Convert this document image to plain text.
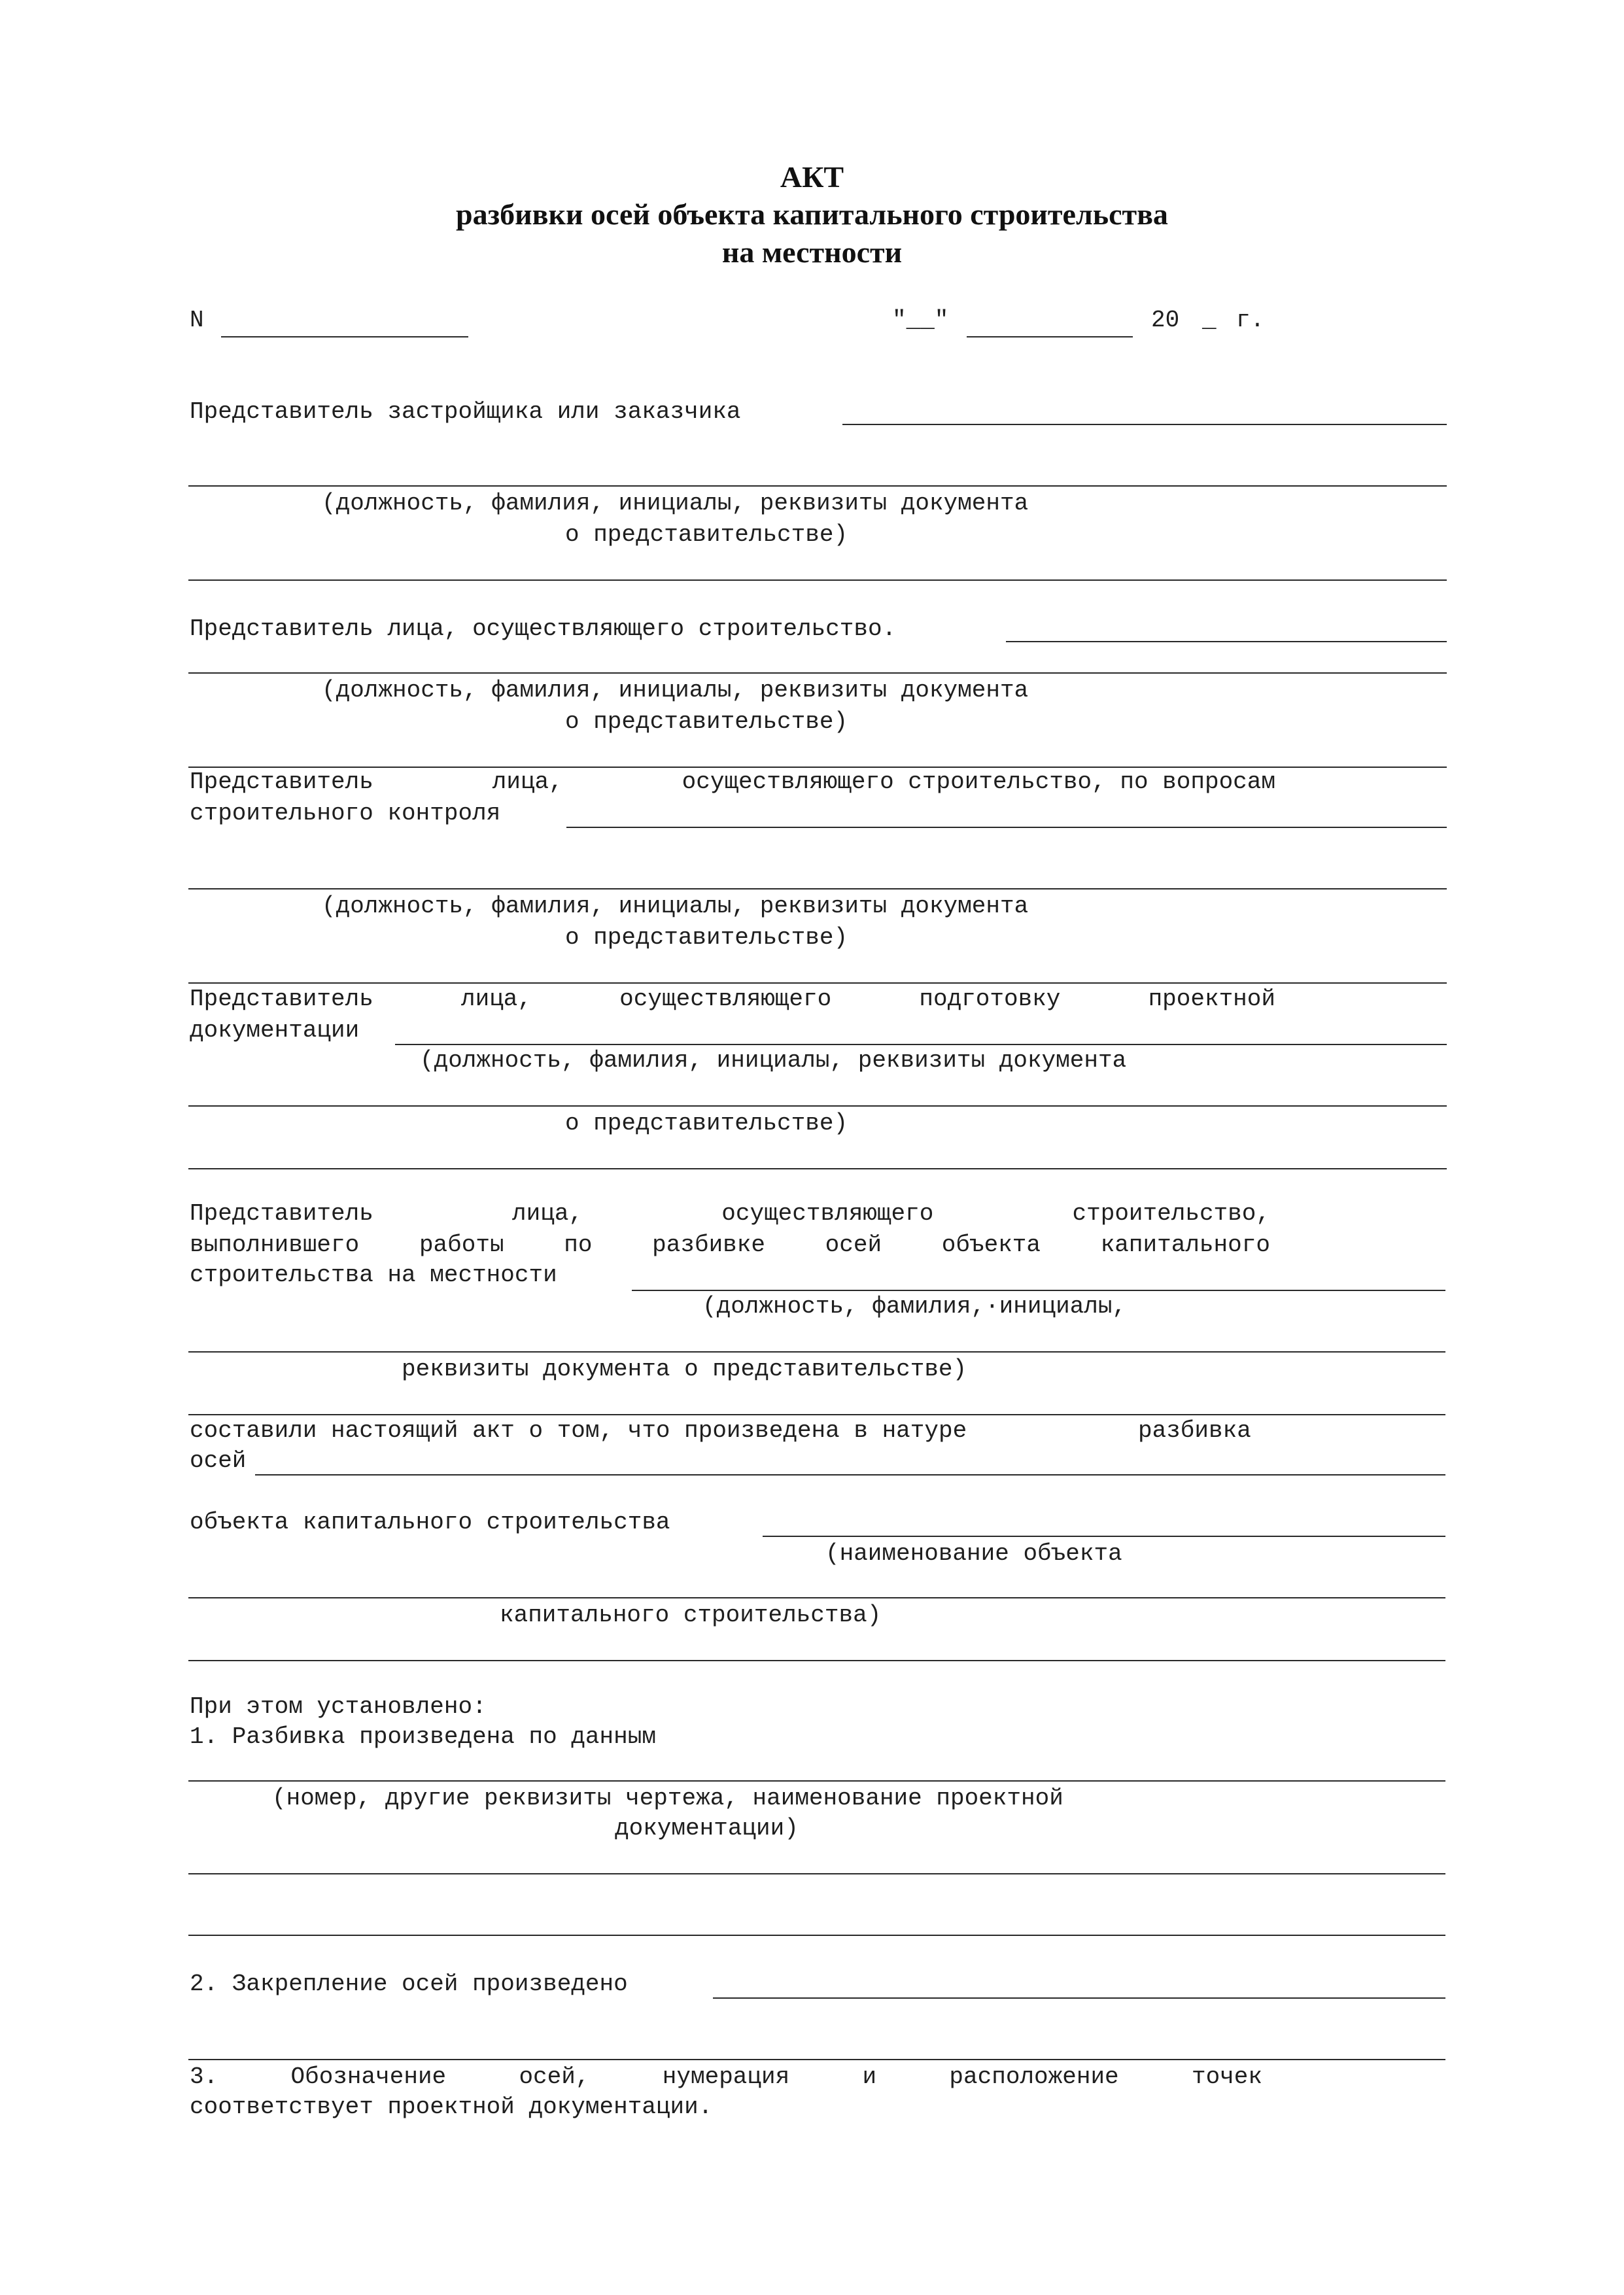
АКТ
разбивки осей объекта капитального строительства
на местности
N	"__"	20 _ г.
Представитель застройщика или заказчика
(должность, фамилия, инициалы, реквизиты документа
о представительстве)
Представитель лица, осуществляющего строительство.
(должность, фамилия, инициалы, реквизиты документа
о представительстве)
Представитель	лица,	осуществляющего строительство, по вопросам
строительного контроля
(должность, фамилия, инициалы, реквизиты документа
о представительстве)
Представитель	лица,	осуществляющего	подготовку	проектной
документации
(должность, фамилия, инициалы, реквизиты документа
о представительстве)
Представитель	лица,	осуществляющего	строительство,
выполнившего	работы	по	разбивке	осей	объекта	капитального
строительства на местности
(должность, фамилия,·инициалы,
реквизиты документа о представительстве)
составили настоящий акт о том, что произведена в натуре	разбивка
осей
объекта капитального строительства
(наименование объекта
капитального строительства)
При этом установлено:
1. Разбивка произведена по данным
(номер, другие реквизиты чертежа, наименование проектной
документации)
2. Закрепление осей произведено
3.	Обозначение	осей,	нумерация	и	расположение	точек
соответствует проектной документации.
